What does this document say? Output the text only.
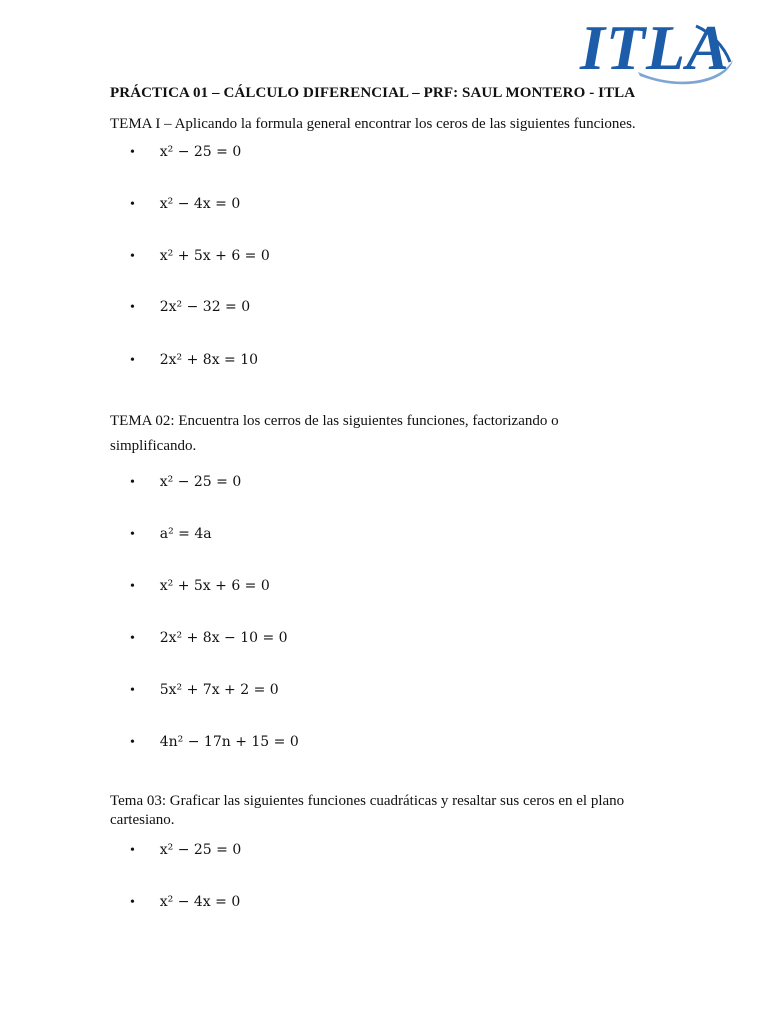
ITLA
PRÁCTICA 01 – CÁLCULO DIFERENCIAL – PRF: SAUL MONTERO - ITLA
TEMA I – Aplicando la formula general encontrar los ceros de las siguientes funciones.
• x² − 25 = 0
• x² − 4x = 0
• x² + 5x + 6 = 0
• 2x² − 32 = 0
• 2x² + 8x = 10
TEMA 02: Encuentra los cerros de las siguientes funciones, factorizando o
simplificando.
• x² − 25 = 0
• a² = 4a
• x² + 5x + 6 = 0
• 2x² + 8x − 10 = 0
• 5x² + 7x + 2 = 0
• 4n² − 17n + 15 = 0
Tema 03: Graficar las siguientes funciones cuadráticas y resaltar sus ceros en el plano
cartesiano.
• x² − 25 = 0
• x² − 4x = 0
